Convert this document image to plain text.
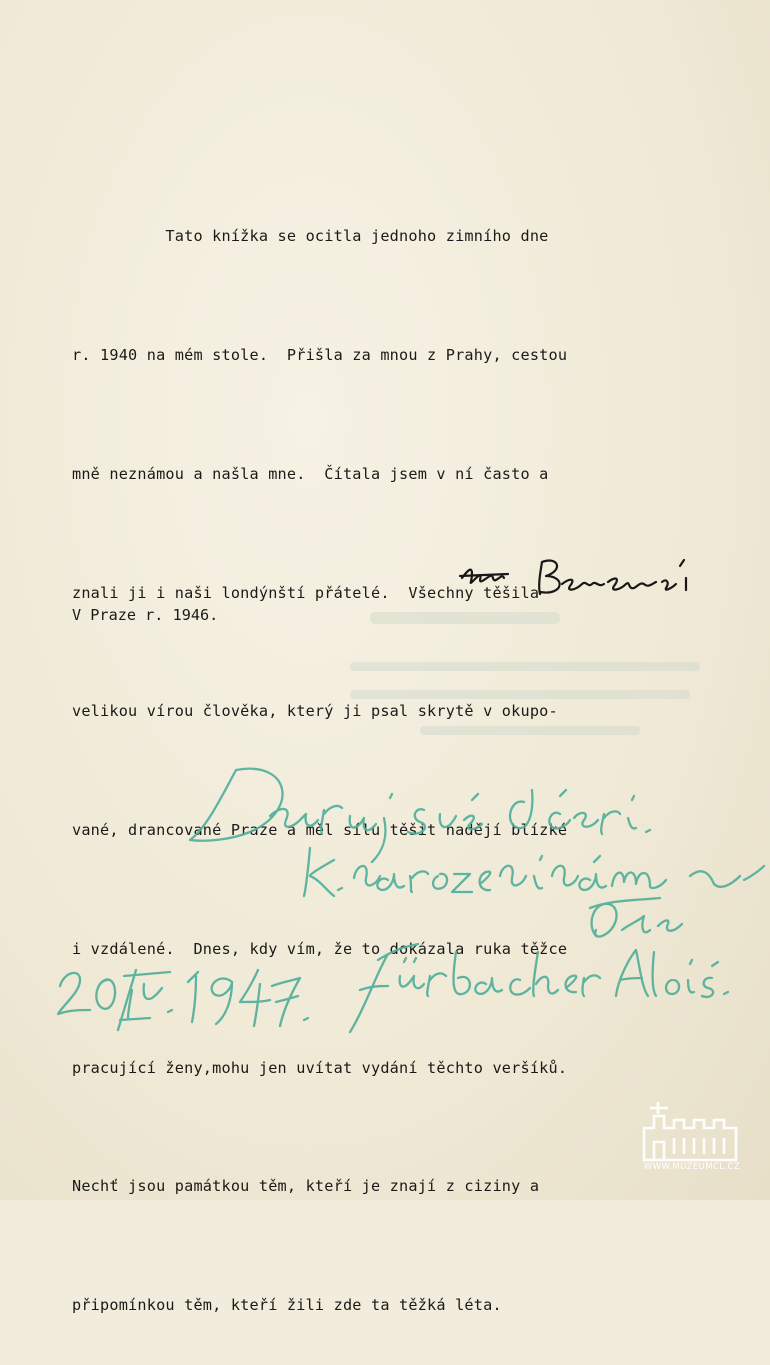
Tato knížka se ocitla jednoho zimního dne

r. 1940 na mém stole.  Přišla za mnou z Prahy, cestou

mně neznámou a našla mne.  Čítala jsem v ní často a

znali ji i naši londýnští přátelé.  Všechny těšila

velikou vírou člověka, který ji psal skrytě v okupo-

vané, drancované Praze a měl sílu těšit nadějí blízké

i vzdálené.  Dnes, kdy vím, že to dokázala ruka těžce

pracující ženy,mohu jen uvítat vydání těchto veršíků.

Nechť jsou památkou těm, kteří je znají z ciziny a

připomínkou těm, kteří žili zde ta těžká léta.

V Praze r. 1946.
WWW.MUZEUMCL.CZ
